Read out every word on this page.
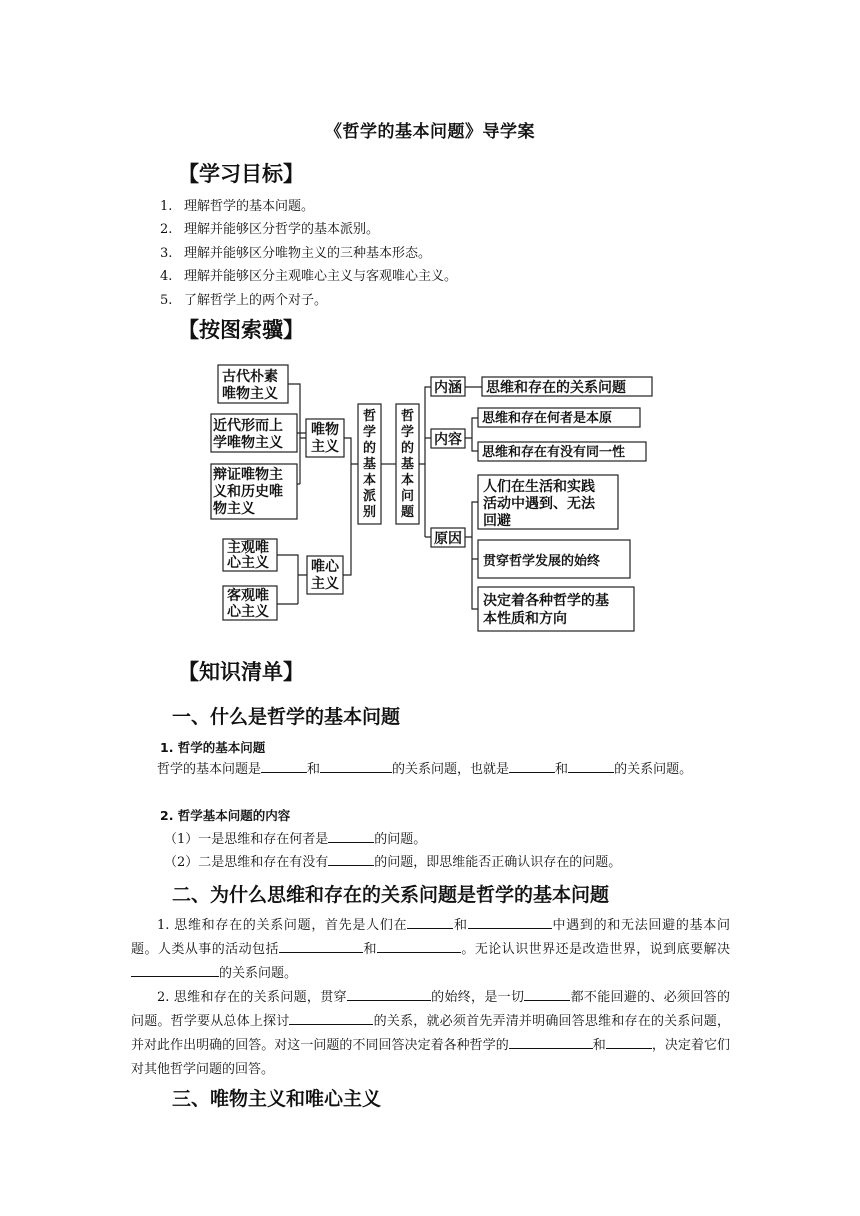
《哲学的基本问题》导学案
【学习目标】
1. 理解哲学的基本问题。
2. 理解并能够区分哲学的基本派别。
3. 理解并能够区分唯物主义的三种基本形态。
4. 理解并能够区分主观唯心主义与客观唯心主义。
5. 了解哲学上的两个对子。
【按图索骥】
古代朴素唯物主义
近代形而上学唯物主义
辩证唯物主义和历史唯物主义
唯物主义
主观唯心主义
客观唯心主义
唯心主义
哲学的基本派别
哲学的基本问题
内涵
内容
原因
思维和存在的关系问题
思维和存在何者是本原
思维和存在有没有同一性
人们在生活和实践活动中遇到、无法回避
贯穿哲学发展的始终
决定着各种哲学的基本性质和方向
【知识清单】
一、什么是哲学的基本问题
1. 哲学的基本问题
哲学的基本问题是	和	的关系问题，也就是	和	的关系问题。
2. 哲学基本问题的内容
（1）一是思维和存在何者是	的问题。
（2）二是思维和存在有没有	的问题，即思维能否正确认识存在的问题。
二、为什么思维和存在的关系问题是哲学的基本问题
1. 思维和存在的关系问题，首先是人们在	和	中遇到的和无法回避的基本问题。人类从事的活动包括	和	。无论认识世界还是改造世界，说到底要解决的关系问题。
2. 思维和存在的关系问题，贯穿	的始终，是一切	都不能回避的、必须回答的问题。哲学要从总体上探讨	的关系，就必须首先弄清并明确回答思维和存在的关系问题，并对此作出明确的回答。对这一问题的不同回答决定着各种哲学的	和	，决定着它们对其他哲学问题的回答。
三、唯物主义和唯心主义
